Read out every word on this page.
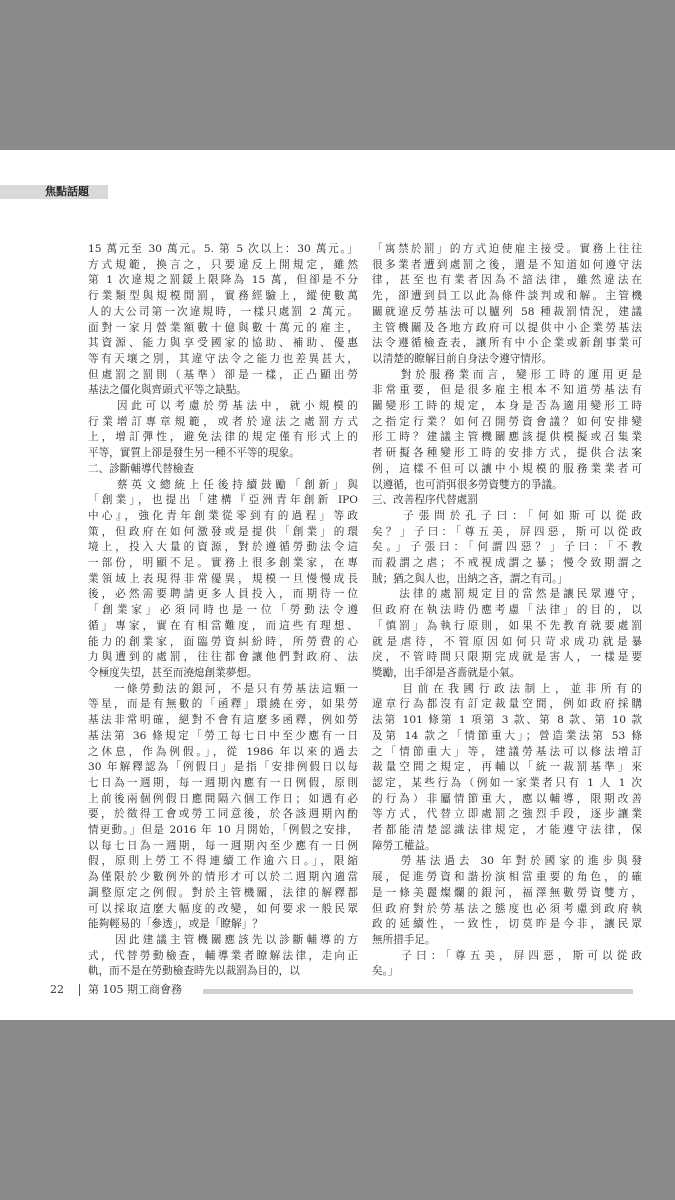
焦點話題

15 萬元至 30 萬元。5. 第 5 次以上：30 萬元。」

方式規範，換言之，只要違反上開規定，雖然

第 1 次違規之罰鍰上限降為 15 萬，但卻是不分

行業類型與規模閒罰，實務經驗上，縱使數萬

人的大公司第一次違規時，一樣只處罰 2 萬元。

面對一家月營業額數十億與數十萬元的雇主，

其資源、能力與享受國家的協助、補助、優惠

等有天壤之別，其違守法令之能力也差異甚大，

但處罰之罰則（基準）卻是一樣，正凸顯出勞

基法之僵化與齊頭式平等之缺點。

　　因此可以考慮於勞基法中，就小規模的

行業增訂專章規範，或者於違法之處罰方式

上，增訂彈性，避免法律的規定僅有形式上的

平等，實質上卻是發生另一種不平等的現象。

二、診斷輔導代替檢查

　　蔡英文總統上任後持續鼓勵「創新」與

「創業」，也提出「建構『亞洲青年創新 IPO

中心』，強化青年創業從零到有的過程」等政

策，但政府在如何激發或是提供「創業」的環

境上，投入大量的資源，對於遵循勞動法令這

一部份，明顯不足。實務上很多創業家，在專

業領域上表現得非常優異，規模一旦慢慢成長

後，必然需要聘請更多人員投入，而期待一位

「創業家」必須同時也是一位「勞動法令遵

循」專家，實在有相當難度，而這些有理想、

能力的創業家，面臨勞資糾紛時，所勞費的心

力與遭到的處罰，往往都會讓他們對政府、法

令極度失望，甚至而澆熄創業夢想。

　　一條勞動法的銀河，不是只有勞基法這顆一

等星，而是有無數的「函釋」環繞在旁，如果勞

基法非常明確，絕對不會有這麼多函釋，例如勞

基法第 36 條規定「勞工每七日中至少應有一日

之休息，作為例假。」，從 1986 年以來的過去

30 年解釋認為「例假日」是指「安排例假日以每

七日為一週期，每一週期內應有一日例假，原則

上前後兩個例假日應間隔六個工作日；如遇有必

要，於徵得工會或勞工同意後，於各該週期內酌

情更動。」但是 2016 年 10 月開始，「例假之安排，

以每七日為一週期，每一週期內至少應有一日例

假，原則上勞工不得連續工作逾六日。」，限縮

為僅限於少數例外的情形才可以於二週期內適當

調整原定之例假。對於主管機關，法律的解釋都

可以採取這麼大幅度的改變，如何要求一般民眾

能夠輕易的「參透」，或是「瞭解」？

　　因此建議主管機關應該先以診斷輔導的方

式，代替勞動檢查，輔導業者瞭解法律，走向正

軌，而不是在勞動檢查時先以裁罰為目的，以

「寓禁於罰」的方式迫使雇主接受。實務上往往

很多業者遭到處罰之後，還是不知道如何遵守法

律，甚至也有業者因為不諳法律，雖然違法在

先，卻遭到員工以此為條件談判或和解。主管機

關就違反勞基法可以臚列 58 種裁罰情況，建議

主管機關及各地方政府可以提供中小企業勞基法

法令遵循檢查表，讓所有中小企業或新創事業可

以清楚的瞭解目前自身法令遵守情形。

　　對於服務業而言，變形工時的運用更是

非常重要，但是很多雇主根本不知道勞基法有

關變形工時的規定，本身是否為適用變形工時

之指定行業？如何召開勞資會議？如何安排變

形工時？建議主管機關應該提供模擬或召集業

者研擬各種變形工時的安排方式，提供合法案

例，這樣不但可以讓中小規模的服務業業者可

以遵循，也可消弭很多勞資雙方的爭議。

三、改善程序代替處罰

　　子張問於孔子曰：「何如斯可以從政

矣？」子曰：「尊五美，屏四惡，斯可以從政

矣。」子張曰：「何謂四惡？」子曰：「不教

而殺謂之虐；不戒視成謂之暴；慢令致期謂之

賊；猶之與人也，出納之吝，謂之有司。」

　　法律的處罰規定目的當然是讓民眾遵守，

但政府在執法時仍應考慮「法律」的目的，以

「慎罰」為執行原則，如果不先教育就要處罰

就是虐待，不管原因如何只苛求成功就是暴

戾，不管時間只限期完成就是害人，一樣是要

獎勵，出手卻是吝嗇就是小氣。

　　目前在我國行政法制上，並非所有的

違章行為都沒有訂定裁量空間，例如政府採購

法第 101 條第 1 項第 3 款、第 8 款、第 10 款

及第 14 款之「情節重大」；營造業法第 53 條

之「情節重大」等，建議勞基法可以修法增訂

裁量空間之規定，再輔以「統一裁罰基準」來

認定，某些行為（例如一家業者只有 1 人 1 次

的行為）非屬情節重大，應以輔導，限期改善

等方式，代替立即處罰之強烈手段，逐步讓業

者都能清楚認識法律規定，才能遵守法律，保

障勞工權益。

　　勞基法過去 30 年對於國家的進步與發

展，促進勞資和諧扮演相當重要的角色，的確

是一條美麗燦爛的銀河，福澤無數勞資雙方，

但政府對於勞基法之態度也必須考慮到政府執

政的延續性，一致性，切莫昨是今非，讓民眾

無所措手足。

　　子曰：「尊五美，屏四惡，斯可以從政

矣。」

22 第 105 期工商會務
